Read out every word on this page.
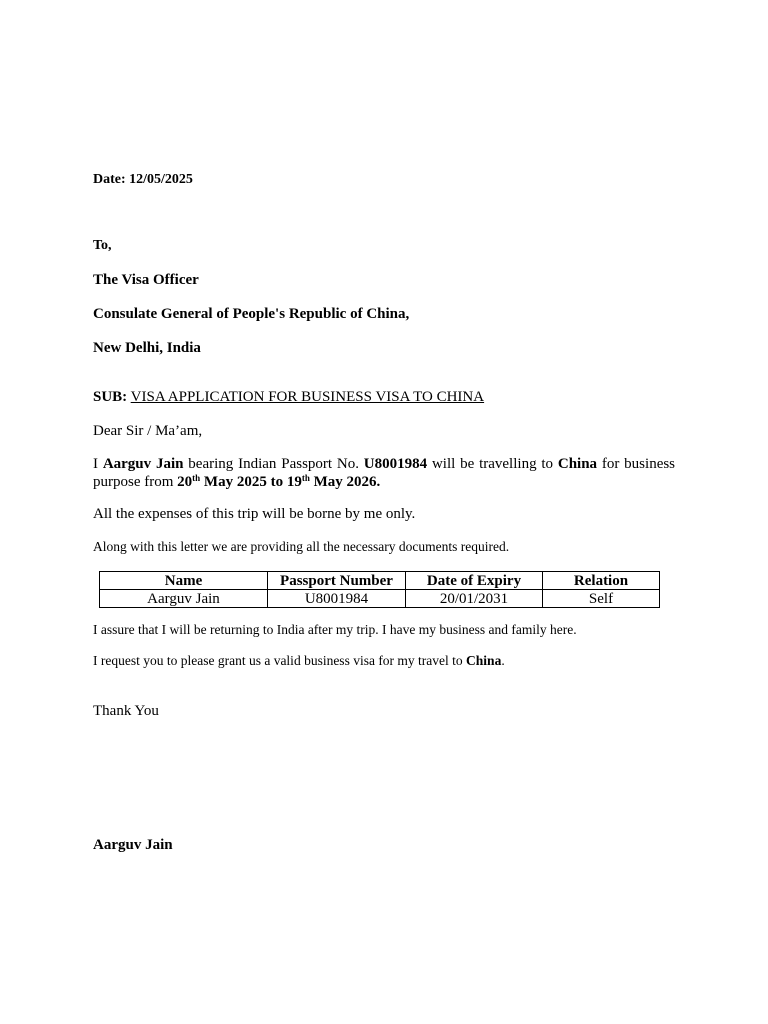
Date: 12/05/2025

To,

The Visa Officer

Consulate General of People's Republic of China,

New Delhi, India

SUB: VISA APPLICATION FOR BUSINESS VISA TO CHINA

Dear Sir / Ma’am,

I Aarguv Jain bearing Indian Passport No. U8001984 will be travelling to China for business purpose from 20th May 2025 to 19th May 2026.

All the expenses of this trip will be borne by me only.

Along with this letter we are providing all the necessary documents required.

Name	Passport Number	Date of Expiry	Relation
Aarguv Jain	U8001984	20/01/2031	Self

I assure that I will be returning to India after my trip. I have my business and family here.

I request you to please grant us a valid business visa for my travel to China.

Thank You

Aarguv Jain
